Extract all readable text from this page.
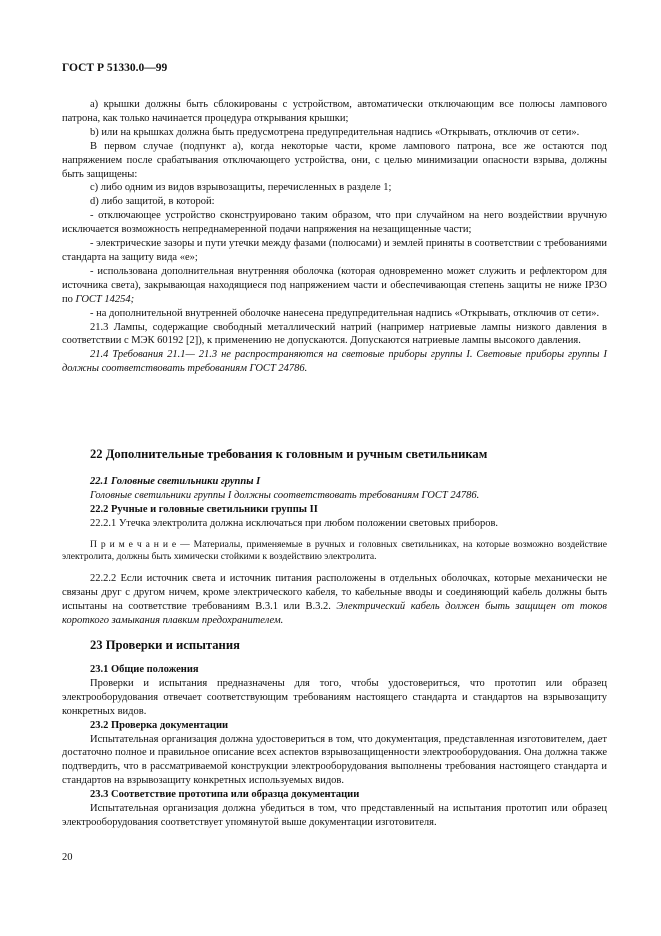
ГОСТ Р 51330.0—99

а) крышки должны быть сблокированы с устройством, автоматически отключающим все полюсы лампового патрона, как только начинается процедура открывания крышки;

b) или на крышках должна быть предусмотрена предупредительная надпись «Открывать, отключив от сети».

В первом случае (подпункт а), когда некоторые части, кроме лампового патрона, все же остаются под напряжением после срабатывания отключающего устройства, они, с целью минимизации опасности взрыва, должны быть защищены:

с) либо одним из видов взрывозащиты, перечисленных в разделе 1;

d) либо защитой, в которой:

- отключающее устройство сконструировано таким образом, что при случайном на него воздействии вручную исключается возможность непреднамеренной подачи напряжения на незащищенные части;

- электрические зазоры и пути утечки между фазами (полюсами) и землей приняты в соответствии с требованиями стандарта на защиту вида «е»;

- использована дополнительная внутренняя оболочка (которая одновременно может служить и рефлектором для источника света), закрывающая находящиеся под напряжением части и обеспечивающая степень защиты не ниже IP3O по ГОСТ 14254;

- на дополнительной внутренней оболочке нанесена предупредительная надпись «Открывать, отключив от сети».

21.3 Лампы, содержащие свободный металлический натрий (например натриевые лампы низкого давления в соответствии с МЭК 60192 [2]), к применению не допускаются. Допускаются натриевые лампы высокого давления.

21.4 Требования 21.1— 21.3 не распространяются на световые приборы группы I. Световые приборы группы I должны соответствовать требованиям ГОСТ 24786.

22 Дополнительные требования к головным и ручным светильникам

22.1 Головные светильники группы I

Головные светильники группы I должны соответствовать требованиям ГОСТ 24786.

22.2 Ручные и головные светильники группы II

22.2.1 Утечка электролита должна исключаться при любом положении световых приборов.

П р и м е ч а н и е — Материалы, применяемые в ручных и головных светильниках, на которые возможно воздействие электролита, должны быть химически стойкими к воздействию электролита.

22.2.2 Если источник света и источник питания расположены в отдельных оболочках, которые механически не связаны друг с другом ничем, кроме электрического кабеля, то кабельные вводы и соединяющий кабель должны быть испытаны на соответствие требованиям В.3.1 или В.3.2. Электрический кабель должен быть защищен от токов короткого замыкания плавким предохранителем.

23 Проверки и испытания

23.1 Общие положения

Проверки и испытания предназначены для того, чтобы удостовериться, что прототип или образец электрооборудования отвечает соответствующим требованиям настоящего стандарта и стандартов на взрывозащиту конкретных видов.

23.2 Проверка документации

Испытательная организация должна удостовериться в том, что документация, представленная изготовителем, дает достаточно полное и правильное описание всех аспектов взрывозащищенности электрооборудования. Она должна также подтвердить, что в рассматриваемой конструкции электрооборудования выполнены требования настоящего стандарта и стандартов на взрывозащиту конкретных используемых видов.

23.3 Соответствие прототипа или образца документации

Испытательная организация должна убедиться в том, что представленный на испытания прототип или образец электрооборудования соответствует упомянутой выше документации изготовителя.

20
